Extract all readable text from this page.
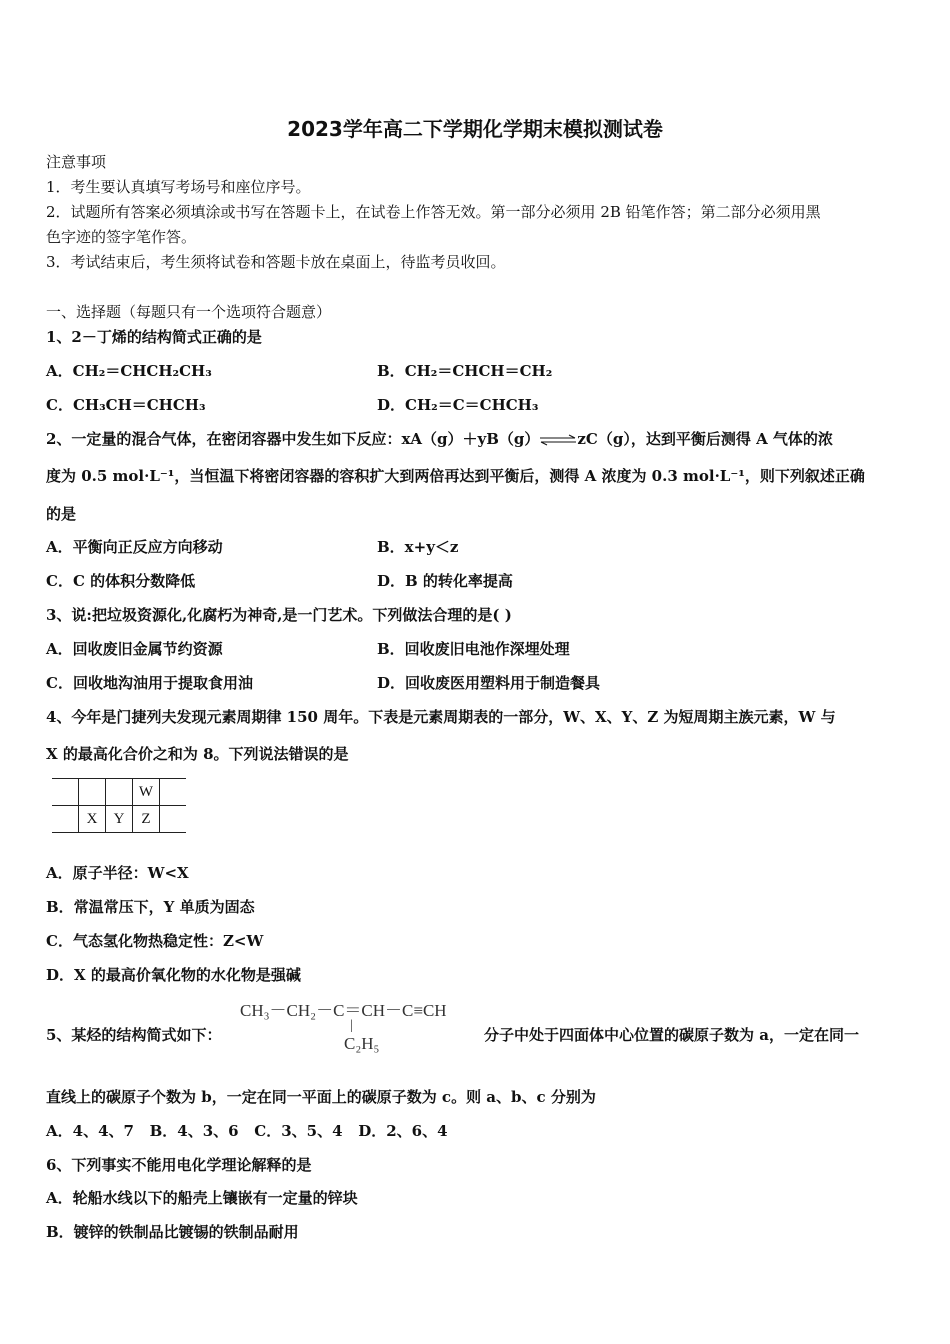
2023学年高二下学期化学期末模拟测试卷
注意事项
1．考生要认真填写考场号和座位序号。
2．试题所有答案必须填涂或书写在答题卡上，在试卷上作答无效。第一部分必须用 2B 铅笔作答；第二部分必须用黑
色字迹的签字笔作答。
3．考试结束后，考生须将试卷和答题卡放在桌面上，待监考员收回。
一、选择题（每题只有一个选项符合题意）
1、2－丁烯的结构简式正确的是
A．CH₂＝CHCH₂CH₃	B．CH₂＝CHCH＝CH₂
C．CH₃CH＝CHCH₃	D．CH₂＝C＝CHCH₃
2、一定量的混合气体，在密闭容器中发生如下反应：xA（g）＋yB（g）⇌zC（g），达到平衡后测得 A 气体的浓
度为 0.5 mol·L⁻¹，当恒温下将密闭容器的容积扩大到两倍再达到平衡后，测得 A 浓度为 0.3 mol·L⁻¹，则下列叙述正确
的是
A．平衡向正反应方向移动	B．x+y＜z
C．C 的体积分数降低	D．B 的转化率提高
3、说:把垃圾资源化,化腐朽为神奇,是一门艺术。下列做法合理的是( )
A．回收废旧金属节约资源	B．回收废旧电池作深埋处理
C．回收地沟油用于提取食用油	D．回收废医用塑料用于制造餐具
4、今年是门捷列夫发现元素周期律 150 周年。下表是元素周期表的一部分，W、X、Y、Z 为短周期主族元素，W 与
X 的最高化合价之和为 8。下列说法错误的是
			W	
	X	Y	Z	
A．原子半径：W<X
B．常温常压下，Y 单质为固态
C．气态氢化物热稳定性：Z<W
D．X 的最高价氧化物的水化物是强碱
5、某烃的结构简式如下：
CH₃－CH₂－C＝CH－C≡CH
|
C₂H₅	分子中处于四面体中心位置的碳原子数为 a，一定在同一
直线上的碳原子个数为 b，一定在同一平面上的碳原子数为 c。则 a、b、c 分别为
A．4、4、7   B．4、3、6   C．3、5、4   D．2、6、4
6、下列事实不能用电化学理论解释的是
A．轮船水线以下的船壳上镶嵌有一定量的锌块
B．镀锌的铁制品比镀锡的铁制品耐用
